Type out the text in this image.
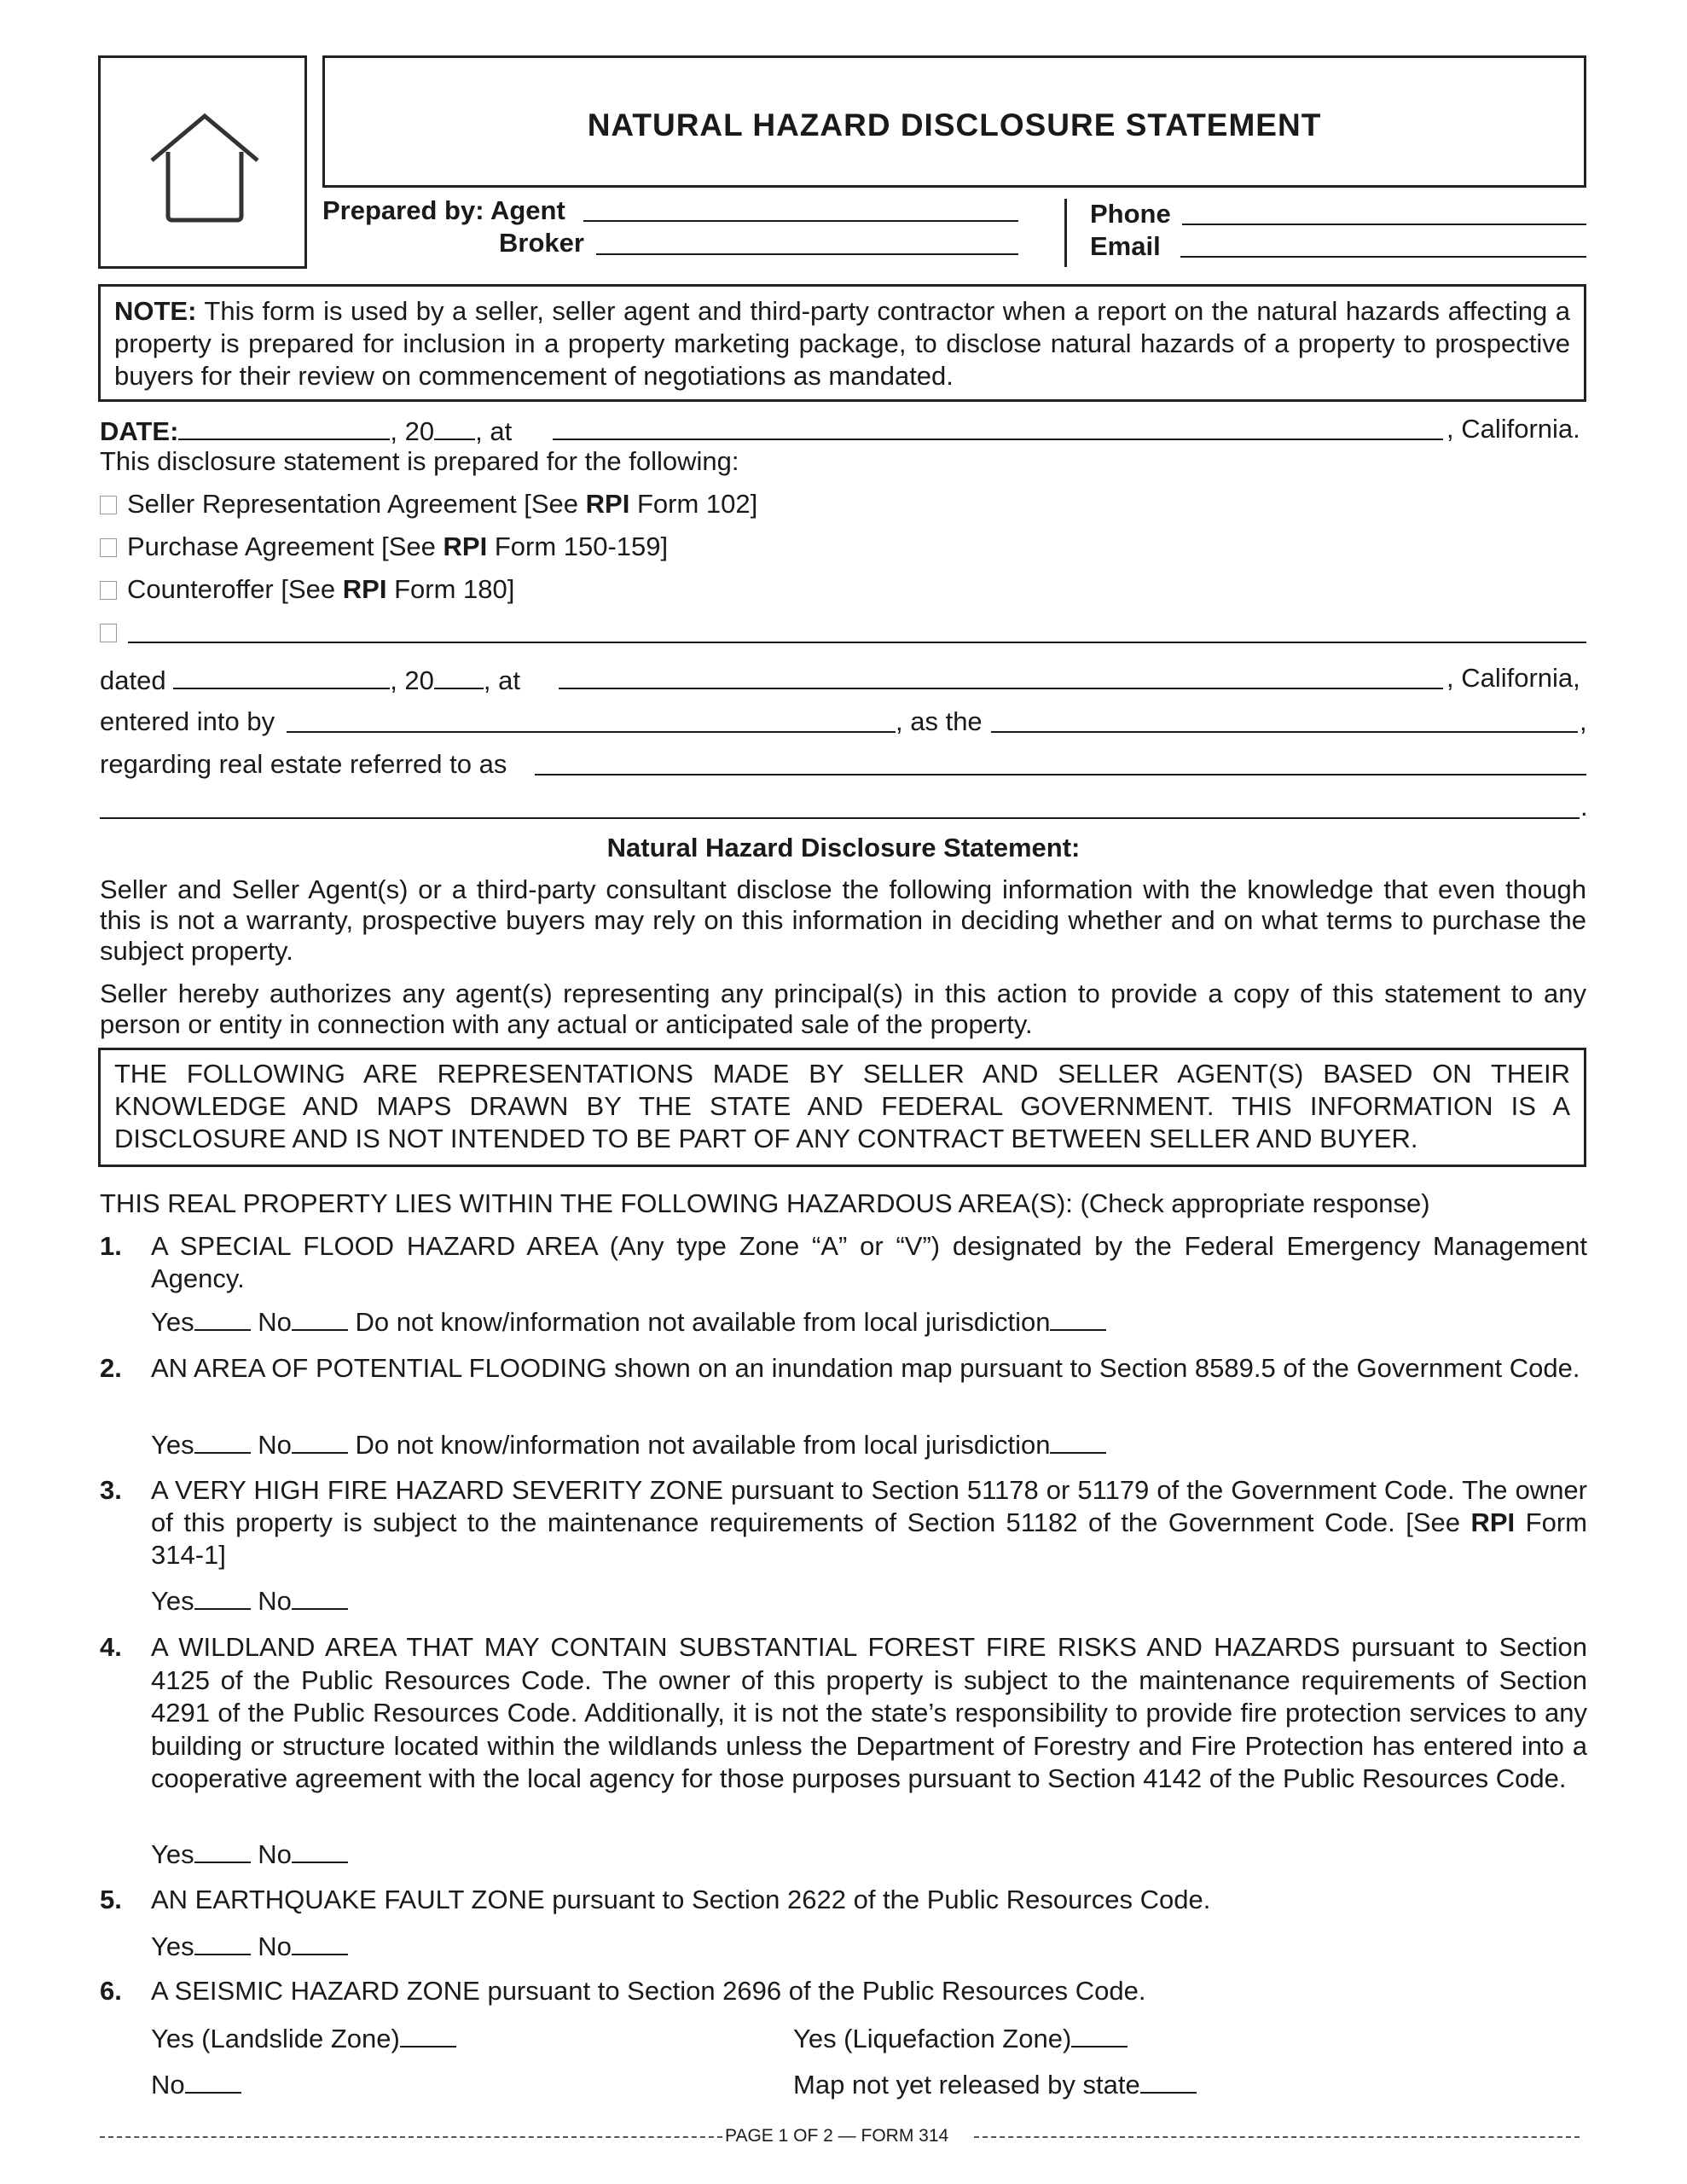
NATURAL HAZARD DISCLOSURE STATEMENT
Prepared by: Agent
Broker
Phone
Email
NOTE: This form is used by a seller, seller agent and third-party contractor when a report on the natural hazards affecting a property is prepared for inclusion in a property marketing package, to disclose natural hazards of a property to prospective buyers for their review on commencement of negotiations as mandated.
DATE:	, 20 , at	, California.
This disclosure statement is prepared for the following:
Seller Representation Agreement [See RPI Form 102]
Purchase Agreement [See RPI Form 150-159]
Counteroffer [See RPI Form 180]
dated	, 20 , at	, California,
entered into by	, as the	,
regarding real estate referred to as
.
Natural Hazard Disclosure Statement:
Seller and Seller Agent(s) or a third-party consultant disclose the following information with the knowledge that even though this is not a warranty, prospective buyers may rely on this information in deciding whether and on what terms to purchase the subject property.
Seller hereby authorizes any agent(s) representing any principal(s) in this action to provide a copy of this statement to any person or entity in connection with any actual or anticipated sale of the property.
THE FOLLOWING ARE REPRESENTATIONS MADE BY SELLER AND SELLER AGENT(S) BASED ON THEIR KNOWLEDGE AND MAPS DRAWN BY THE STATE AND FEDERAL GOVERNMENT. THIS INFORMATION IS A DISCLOSURE AND IS NOT INTENDED TO BE PART OF ANY CONTRACT BETWEEN SELLER AND BUYER.
THIS REAL PROPERTY LIES WITHIN THE FOLLOWING HAZARDOUS AREA(S): (Check appropriate response)
1. A SPECIAL FLOOD HAZARD AREA (Any type Zone “A” or “V”) designated by the Federal Emergency Management Agency.
Yes No Do not know/information not available from local jurisdiction
2. AN AREA OF POTENTIAL FLOODING shown on an inundation map pursuant to Section 8589.5 of the Government Code.
Yes No Do not know/information not available from local jurisdiction
3. A VERY HIGH FIRE HAZARD SEVERITY ZONE pursuant to Section 51178 or 51179 of the Government Code. The owner of this property is subject to the maintenance requirements of Section 51182 of the Government Code. [See RPI Form 314-1]
Yes No
4. A WILDLAND AREA THAT MAY CONTAIN SUBSTANTIAL FOREST FIRE RISKS AND HAZARDS pursuant to Section 4125 of the Public Resources Code. The owner of this property is subject to the maintenance requirements of Section 4291 of the Public Resources Code. Additionally, it is not the state’s responsibility to provide fire protection services to any building or structure located within the wildlands unless the Department of Forestry and Fire Protection has entered into a cooperative agreement with the local agency for those purposes pursuant to Section 4142 of the Public Resources Code.
Yes No
5. AN EARTHQUAKE FAULT ZONE pursuant to Section 2622 of the Public Resources Code.
Yes No
6. A SEISMIC HAZARD ZONE pursuant to Section 2696 of the Public Resources Code.
Yes (Landslide Zone)	Yes (Liquefaction Zone)
No	Map not yet released by state
PAGE 1 OF 2 — FORM 314
